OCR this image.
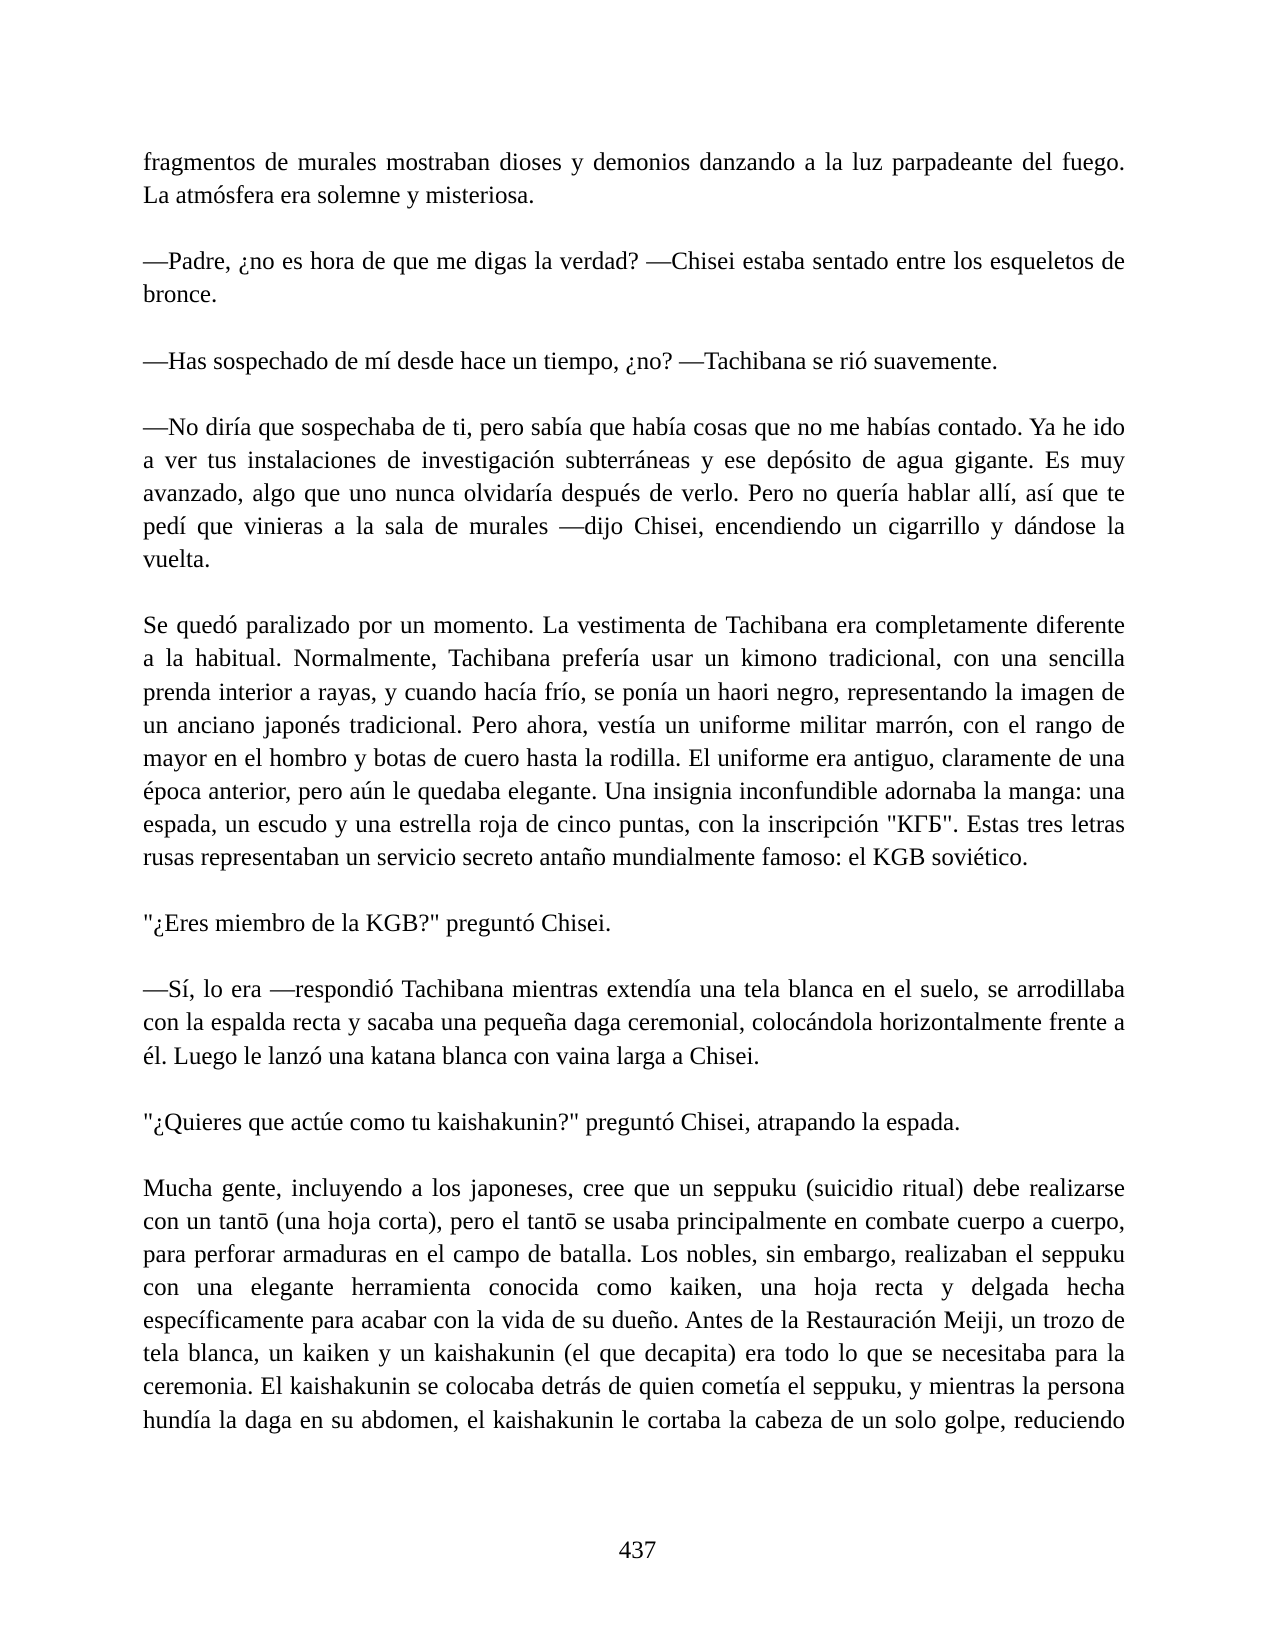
fragmentos de murales mostraban dioses y demonios danzando a la luz parpadeante del fuego.
La atmósfera era solemne y misteriosa.
—Padre, ¿no es hora de que me digas la verdad? —Chisei estaba sentado entre los esqueletos de
bronce.
—Has sospechado de mí desde hace un tiempo, ¿no? —Tachibana se rió suavemente.
—No diría que sospechaba de ti, pero sabía que había cosas que no me habías contado. Ya he ido
a ver tus instalaciones de investigación subterráneas y ese depósito de agua gigante. Es muy
avanzado, algo que uno nunca olvidaría después de verlo. Pero no quería hablar allí, así que te
pedí que vinieras a la sala de murales —dijo Chisei, encendiendo un cigarrillo y dándose la
vuelta.
Se quedó paralizado por un momento. La vestimenta de Tachibana era completamente diferente
a la habitual. Normalmente, Tachibana prefería usar un kimono tradicional, con una sencilla
prenda interior a rayas, y cuando hacía frío, se ponía un haori negro, representando la imagen de
un anciano japonés tradicional. Pero ahora, vestía un uniforme militar marrón, con el rango de
mayor en el hombro y botas de cuero hasta la rodilla. El uniforme era antiguo, claramente de una
época anterior, pero aún le quedaba elegante. Una insignia inconfundible adornaba la manga: una
espada, un escudo y una estrella roja de cinco puntas, con la inscripción "КГБ". Estas tres letras
rusas representaban un servicio secreto antaño mundialmente famoso: el KGB soviético.
"¿Eres miembro de la KGB?" preguntó Chisei.
—Sí, lo era —respondió Tachibana mientras extendía una tela blanca en el suelo, se arrodillaba
con la espalda recta y sacaba una pequeña daga ceremonial, colocándola horizontalmente frente a
él. Luego le lanzó una katana blanca con vaina larga a Chisei.
"¿Quieres que actúe como tu kaishakunin?" preguntó Chisei, atrapando la espada.
Mucha gente, incluyendo a los japoneses, cree que un seppuku (suicidio ritual) debe realizarse
con un tantō (una hoja corta), pero el tantō se usaba principalmente en combate cuerpo a cuerpo,
para perforar armaduras en el campo de batalla. Los nobles, sin embargo, realizaban el seppuku
con una elegante herramienta conocida como kaiken, una hoja recta y delgada hecha
específicamente para acabar con la vida de su dueño. Antes de la Restauración Meiji, un trozo de
tela blanca, un kaiken y un kaishakunin (el que decapita) era todo lo que se necesitaba para la
ceremonia. El kaishakunin se colocaba detrás de quien cometía el seppuku, y mientras la persona
hundía la daga en su abdomen, el kaishakunin le cortaba la cabeza de un solo golpe, reduciendo
437
